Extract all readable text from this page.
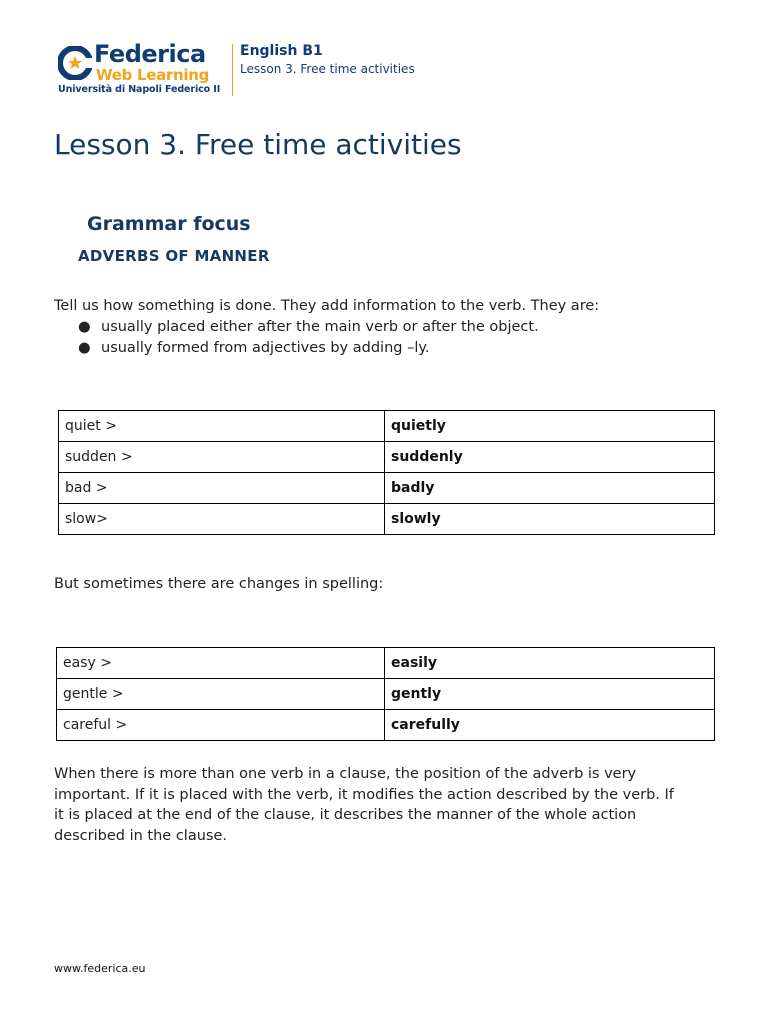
Federica
Web Learning
Università di Napoli Federico II
English B1
Lesson 3. Free time activities
Lesson 3. Free time activities
Grammar focus
ADVERBS OF MANNER

Tell us how something is done. They add information to the verb. They are:

● usually placed either after the main verb or after the object.
● usually formed from adjectives by adding –ly.
quiet >	quietly
sudden >	suddenly
bad >	badly
slow>	slowly

But sometimes there are changes in spelling:

easy >	easily
gentle >	gently
careful >	carefully

When there is more than one verb in a clause, the position of the adverb is very
important. If it is placed with the verb, it modifies the action described by the verb. If
it is placed at the end of the clause, it describes the manner of the whole action
described in the clause.

www.federica.eu
